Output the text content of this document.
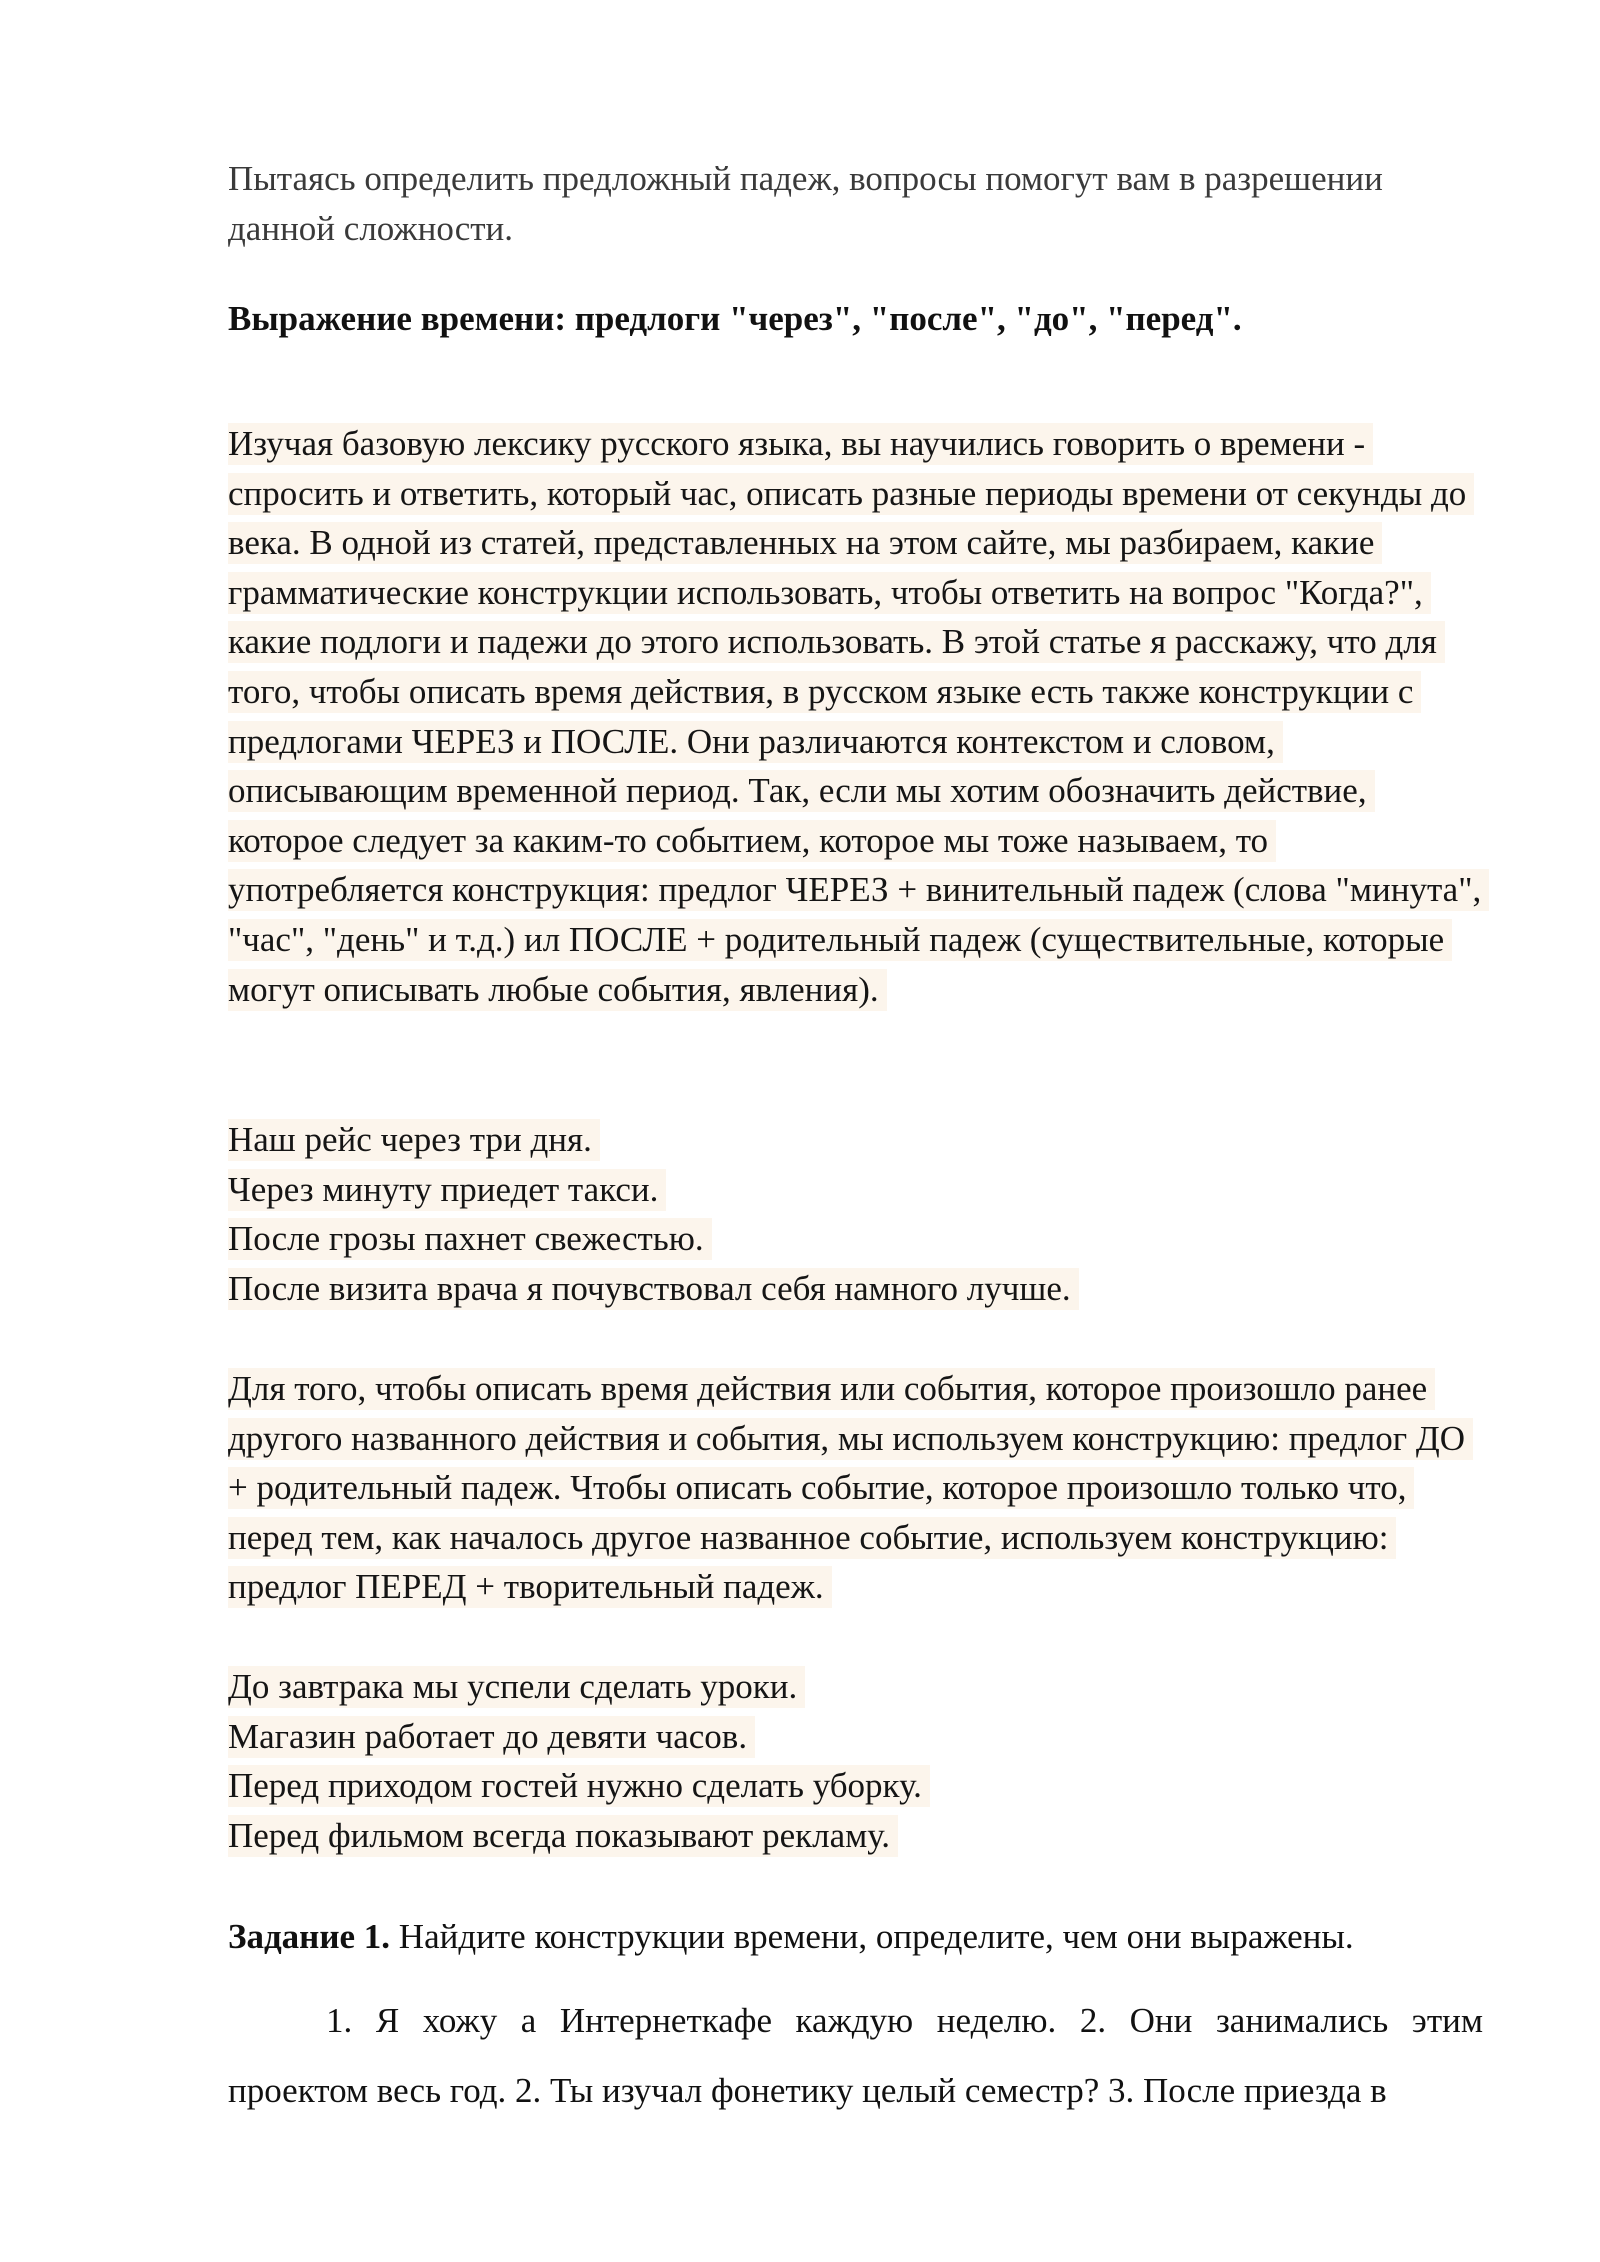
Пытаясь определить предложный падеж, вопросы помогут вам в разрешении данной сложности.

Выражение времени: предлоги "через", "после", "до", "перед".

Изучая базовую лексику русского языка, вы научились говорить о времени - спросить и ответить, который час, описать разные периоды времени от секунды до века. В одной из статей, представленных на этом сайте, мы разбираем, какие грамматические конструкции использовать, чтобы ответить на вопрос "Когда?", какие подлоги и падежи до этого использовать. В этой статье я расскажу, что для того, чтобы описать время действия, в русском языке есть также конструкции с предлогами ЧЕРЕЗ и ПОСЛЕ. Они различаются контекстом и словом, описывающим временной период. Так, если мы хотим обозначить действие, которое следует за каким-то событием, которое мы тоже называем, то употребляется конструкция: предлог ЧЕРЕЗ + винительный падеж (слова "минута", "час", "день" и т.д.) ил ПОСЛЕ + родительный падеж (существительные, которые могут описывать любые события, явления).

Наш рейс через три дня.
Через минуту приедет такси.
После грозы пахнет свежестью.
После визита врача я почувствовал себя намного лучше.

Для того, чтобы описать время действия или события, которое произошло ранее другого названного действия и события, мы используем конструкцию: предлог ДО + родительный падеж. Чтобы описать событие, которое произошло только что, перед тем, как началось другое названное событие, используем конструкцию: предлог ПЕРЕД + творительный падеж.

До завтрака мы успели сделать уроки.
Магазин работает до девяти часов.
Перед приходом гостей нужно сделать уборку.
Перед фильмом всегда показывают рекламу.

Задание 1. Найдите конструкции времени, определите, чем они выражены.

1. Я хожу а Интернеткафе каждую неделю. 2. Они занимались этим проектом весь год. 2. Ты изучал фонетику целый семестр? 3. После приезда в
